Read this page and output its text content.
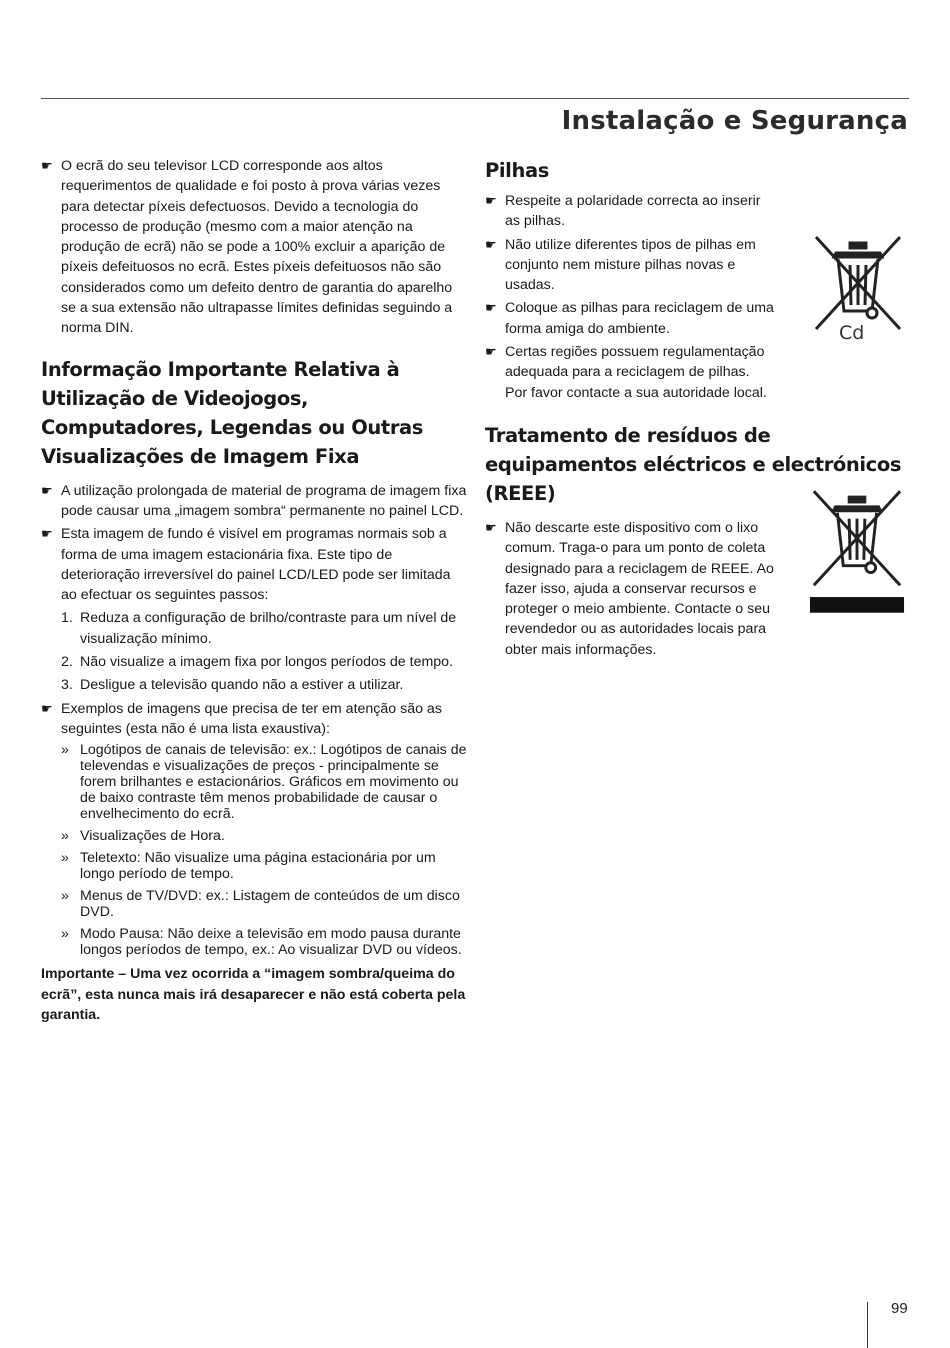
Instalação e Segurança
☛ O ecrã do seu televisor LCD corresponde aos altos requerimentos de qualidade e foi posto à prova várias vezes para detectar píxeis defectuosos. Devido a tecnologia do processo de produção (mesmo com a maior atenção na produção de ecrã) não se pode a 100% excluir a aparição de píxeis defeituosos no ecrã. Estes píxeis defeituosos não são considerados como um defeito dentro de garantia do aparelho se a sua extensão não ultrapasse límites definidas seguindo a norma DIN.
Informação Importante Relativa à Utilização de Videojogos, Computadores, Legendas ou Outras Visualizações de Imagem Fixa
☛ A utilização prolongada de material de programa de imagem fixa pode causar uma „imagem sombra“ permanente no painel LCD.
☛ Esta imagem de fundo é visível em programas normais sob a forma de uma imagem estacionária fixa. Este tipo de deterioração irreversível do painel LCD/LED pode ser limitada ao efectuar os seguintes passos:
1. Reduza a configuração de brilho/contraste para um nível de visualização mínimo.
2. Não visualize a imagem fixa por longos períodos de tempo.
3. Desligue a televisão quando não a estiver a utilizar.
☛ Exemplos de imagens que precisa de ter em atenção são as seguintes (esta não é uma lista exaustiva):
» Logótipos de canais de televisão: ex.: Logótipos de canais de televendas e visualizações de preços - principalmente se forem brilhantes e estacionários. Gráficos em movimento ou de baixo contraste têm menos probabilidade de causar o envelhecimento do ecrã.
» Visualizações de Hora.
» Teletexto: Não visualize uma página estacionária por um longo período de tempo.
» Menus de TV/DVD: ex.: Listagem de conteúdos de um disco DVD.
» Modo Pausa: Não deixe a televisão em modo pausa durante longos períodos de tempo, ex.: Ao visualizar DVD ou vídeos.

Importante – Uma vez ocorrida a “imagem sombra/queima do ecrã”, esta nunca mais irá desaparecer e não está coberta pela garantia.

Pilhas
☛ Respeite a polaridade correcta ao inserir as pilhas.
☛ Não utilize diferentes tipos de pilhas em conjunto nem misture pilhas novas e usadas.
☛ Coloque as pilhas para reciclagem de uma forma amiga do ambiente.
☛ Certas regiões possuem regulamentação adequada para a reciclagem de pilhas. Por favor contacte a sua autoridade local.
Tratamento de resíduos de equipamentos eléctricos e electrónicos (REEE)
☛ Não descarte este dispositivo com o lixo comum. Traga-o para um ponto de coleta designado para a reciclagem de REEE. Ao fazer isso, ajuda a conservar recursos e proteger o meio ambiente. Contacte o seu revendedor ou as autoridades locais para obter mais informações.
Cd
99
